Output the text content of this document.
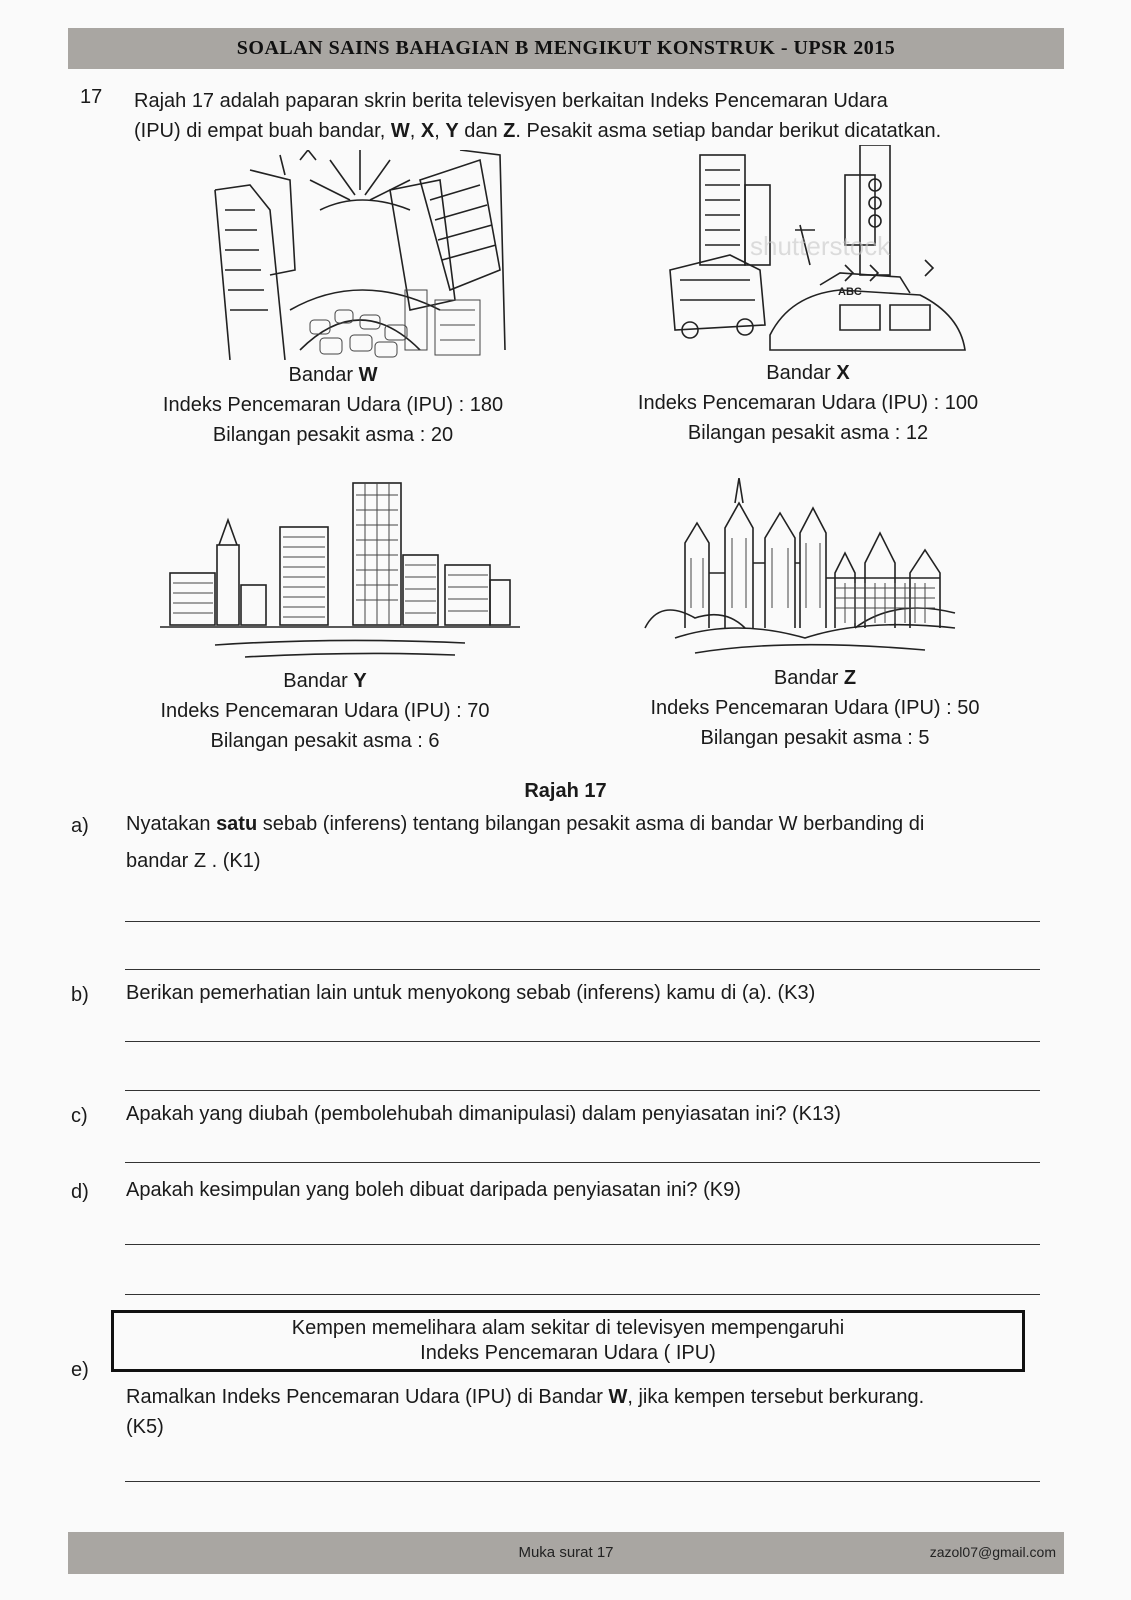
SOALAN SAINS BAHAGIAN B MENGIKUT KONSTRUK - UPSR 2015
17 Rajah 17 adalah paparan skrin berita televisyen berkaitan Indeks Pencemaran Udara
(IPU) di empat buah bandar, W, X, Y dan Z. Pesakit asma setiap bandar berikut dicatatkan.
ABC
shutterstock
Bandar W
Indeks Pencemaran Udara (IPU) : 180
Bilangan pesakit asma : 20
Bandar X
Indeks Pencemaran Udara (IPU) : 100
Bilangan pesakit asma : 12
Bandar Y
Indeks Pencemaran Udara (IPU) : 70
Bilangan pesakit asma : 6
Bandar Z
Indeks Pencemaran Udara (IPU) : 50
Bilangan pesakit asma : 5
Rajah 17
a) Nyatakan satu sebab (inferens) tentang bilangan pesakit asma di bandar W berbanding di
bandar Z . (K1)
b) Berikan pemerhatian lain untuk menyokong sebab (inferens) kamu di (a). (K3)
c) Apakah yang diubah (pembolehubah dimanipulasi) dalam penyiasatan ini? (K13)
d) Apakah kesimpulan yang boleh dibuat daripada penyiasatan ini? (K9)
Kempen memelihara alam sekitar di televisyen mempengaruhi
Indeks Pencemaran Udara ( IPU)
e)
Ramalkan Indeks Pencemaran Udara (IPU) di Bandar W, jika kempen tersebut berkurang.
(K5)
Muka surat 17	zazol07@gmail.com
